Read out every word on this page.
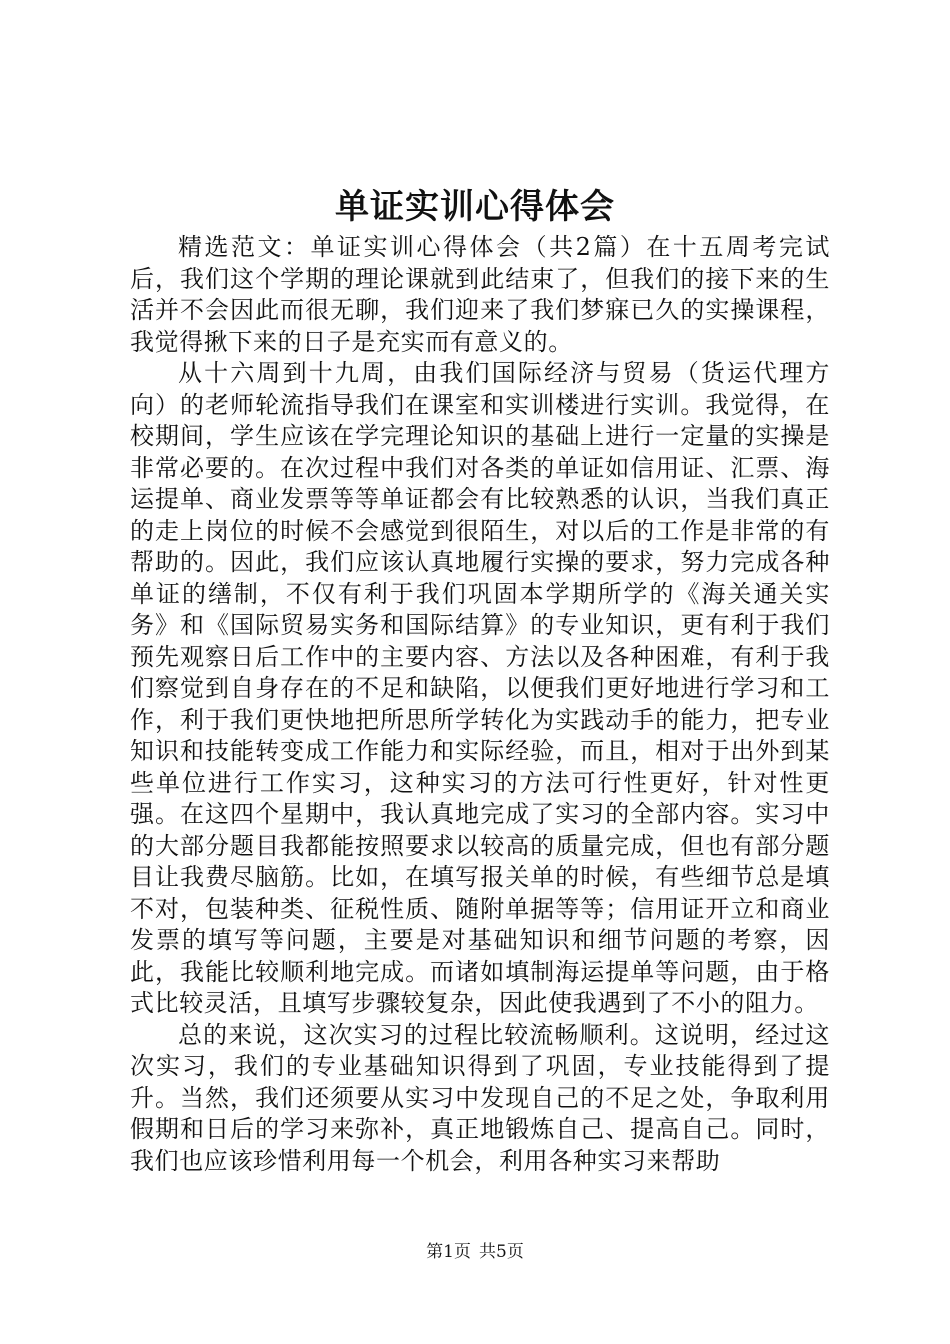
单证实训心得体会

精选范文：单证实训心得体会（共2篇）在十五周考完试后，我们这个学期的理论课就到此结束了，但我们的接下来的生活并不会因此而很无聊，我们迎来了我们梦寐已久的实操课程，我觉得揪下来的日子是充实而有意义的。

从十六周到十九周，由我们国际经济与贸易（货运代理方向）的老师轮流指导我们在课室和实训楼进行实训。我觉得，在校期间，学生应该在学完理论知识的基础上进行一定量的实操是非常必要的。在次过程中我们对各类的单证如信用证、汇票、海运提单、商业发票等等单证都会有比较熟悉的认识，当我们真正的走上岗位的时候不会感觉到很陌生，对以后的工作是非常的有帮助的。因此，我们应该认真地履行实操的要求，努力完成各种单证的缮制，不仅有利于我们巩固本学期所学的《海关通关实务》和《国际贸易实务和国际结算》的专业知识，更有利于我们预先观察日后工作中的主要内容、方法以及各种困难，有利于我们察觉到自身存在的不足和缺陷，以便我们更好地进行学习和工作，利于我们更快地把所思所学转化为实践动手的能力，把专业知识和技能转变成工作能力和实际经验，而且，相对于出外到某些单位进行工作实习，这种实习的方法可行性更好，针对性更强。在这四个星期中，我认真地完成了实习的全部内容。实习中的大部分题目我都能按照要求以较高的质量完成，但也有部分题目让我费尽脑筋。比如，在填写报关单的时候，有些细节总是填不对，包装种类、征税性质、随附单据等等；信用证开立和商业发票的填写等问题，主要是对基础知识和细节问题的考察，因此，我能比较顺利地完成。而诸如填制海运提单等问题，由于格式比较灵活，且填写步骤较复杂，因此使我遇到了不小的阻力。

总的来说，这次实习的过程比较流畅顺利。这说明，经过这次实习，我们的专业基础知识得到了巩固，专业技能得到了提升。当然，我们还须要从实习中发现自己的不足之处，争取利用假期和日后的学习来弥补，真正地锻炼自己、提高自己。同时，我们也应该珍惜利用每一个机会，利用各种实习来帮助

第1页 共5页
